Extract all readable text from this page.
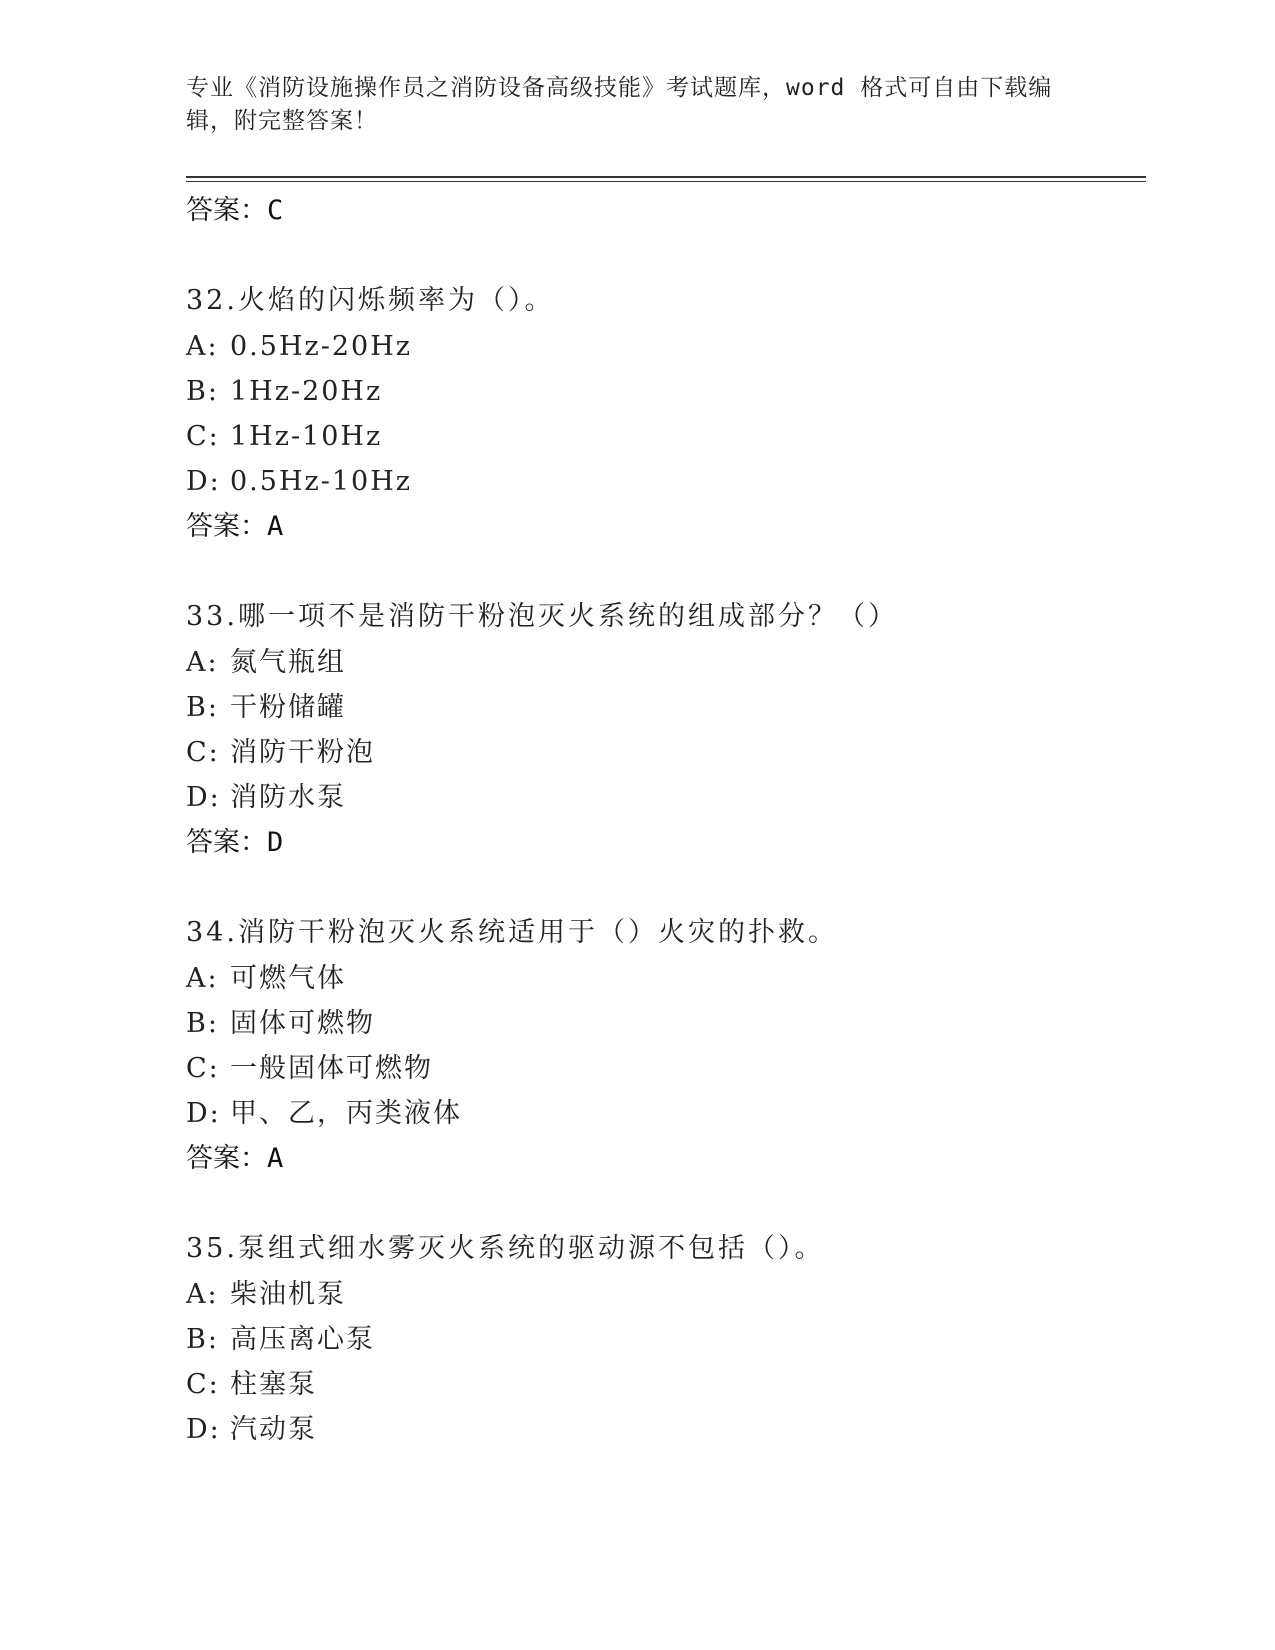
专业《消防设施操作员之消防设备高级技能》考试题库，word 格式可自由下载编
辑，附完整答案！
答案：C
32.火焰的闪烁频率为（）。
A: 0.5Hz-20Hz
B: 1Hz-20Hz
C: 1Hz-10Hz
D: 0.5Hz-10Hz
答案：A
33.哪一项不是消防干粉泡灭火系统的组成部分？（）
A: 氮气瓶组
B: 干粉储罐
C: 消防干粉泡
D: 消防水泵
答案：D
34.消防干粉泡灭火系统适用于（）火灾的扑救。
A: 可燃气体
B: 固体可燃物
C: 一般固体可燃物
D: 甲、乙，丙类液体
答案：A
35.泵组式细水雾灭火系统的驱动源不包括（）。
A: 柴油机泵
B: 高压离心泵
C: 柱塞泵
D: 汽动泵
